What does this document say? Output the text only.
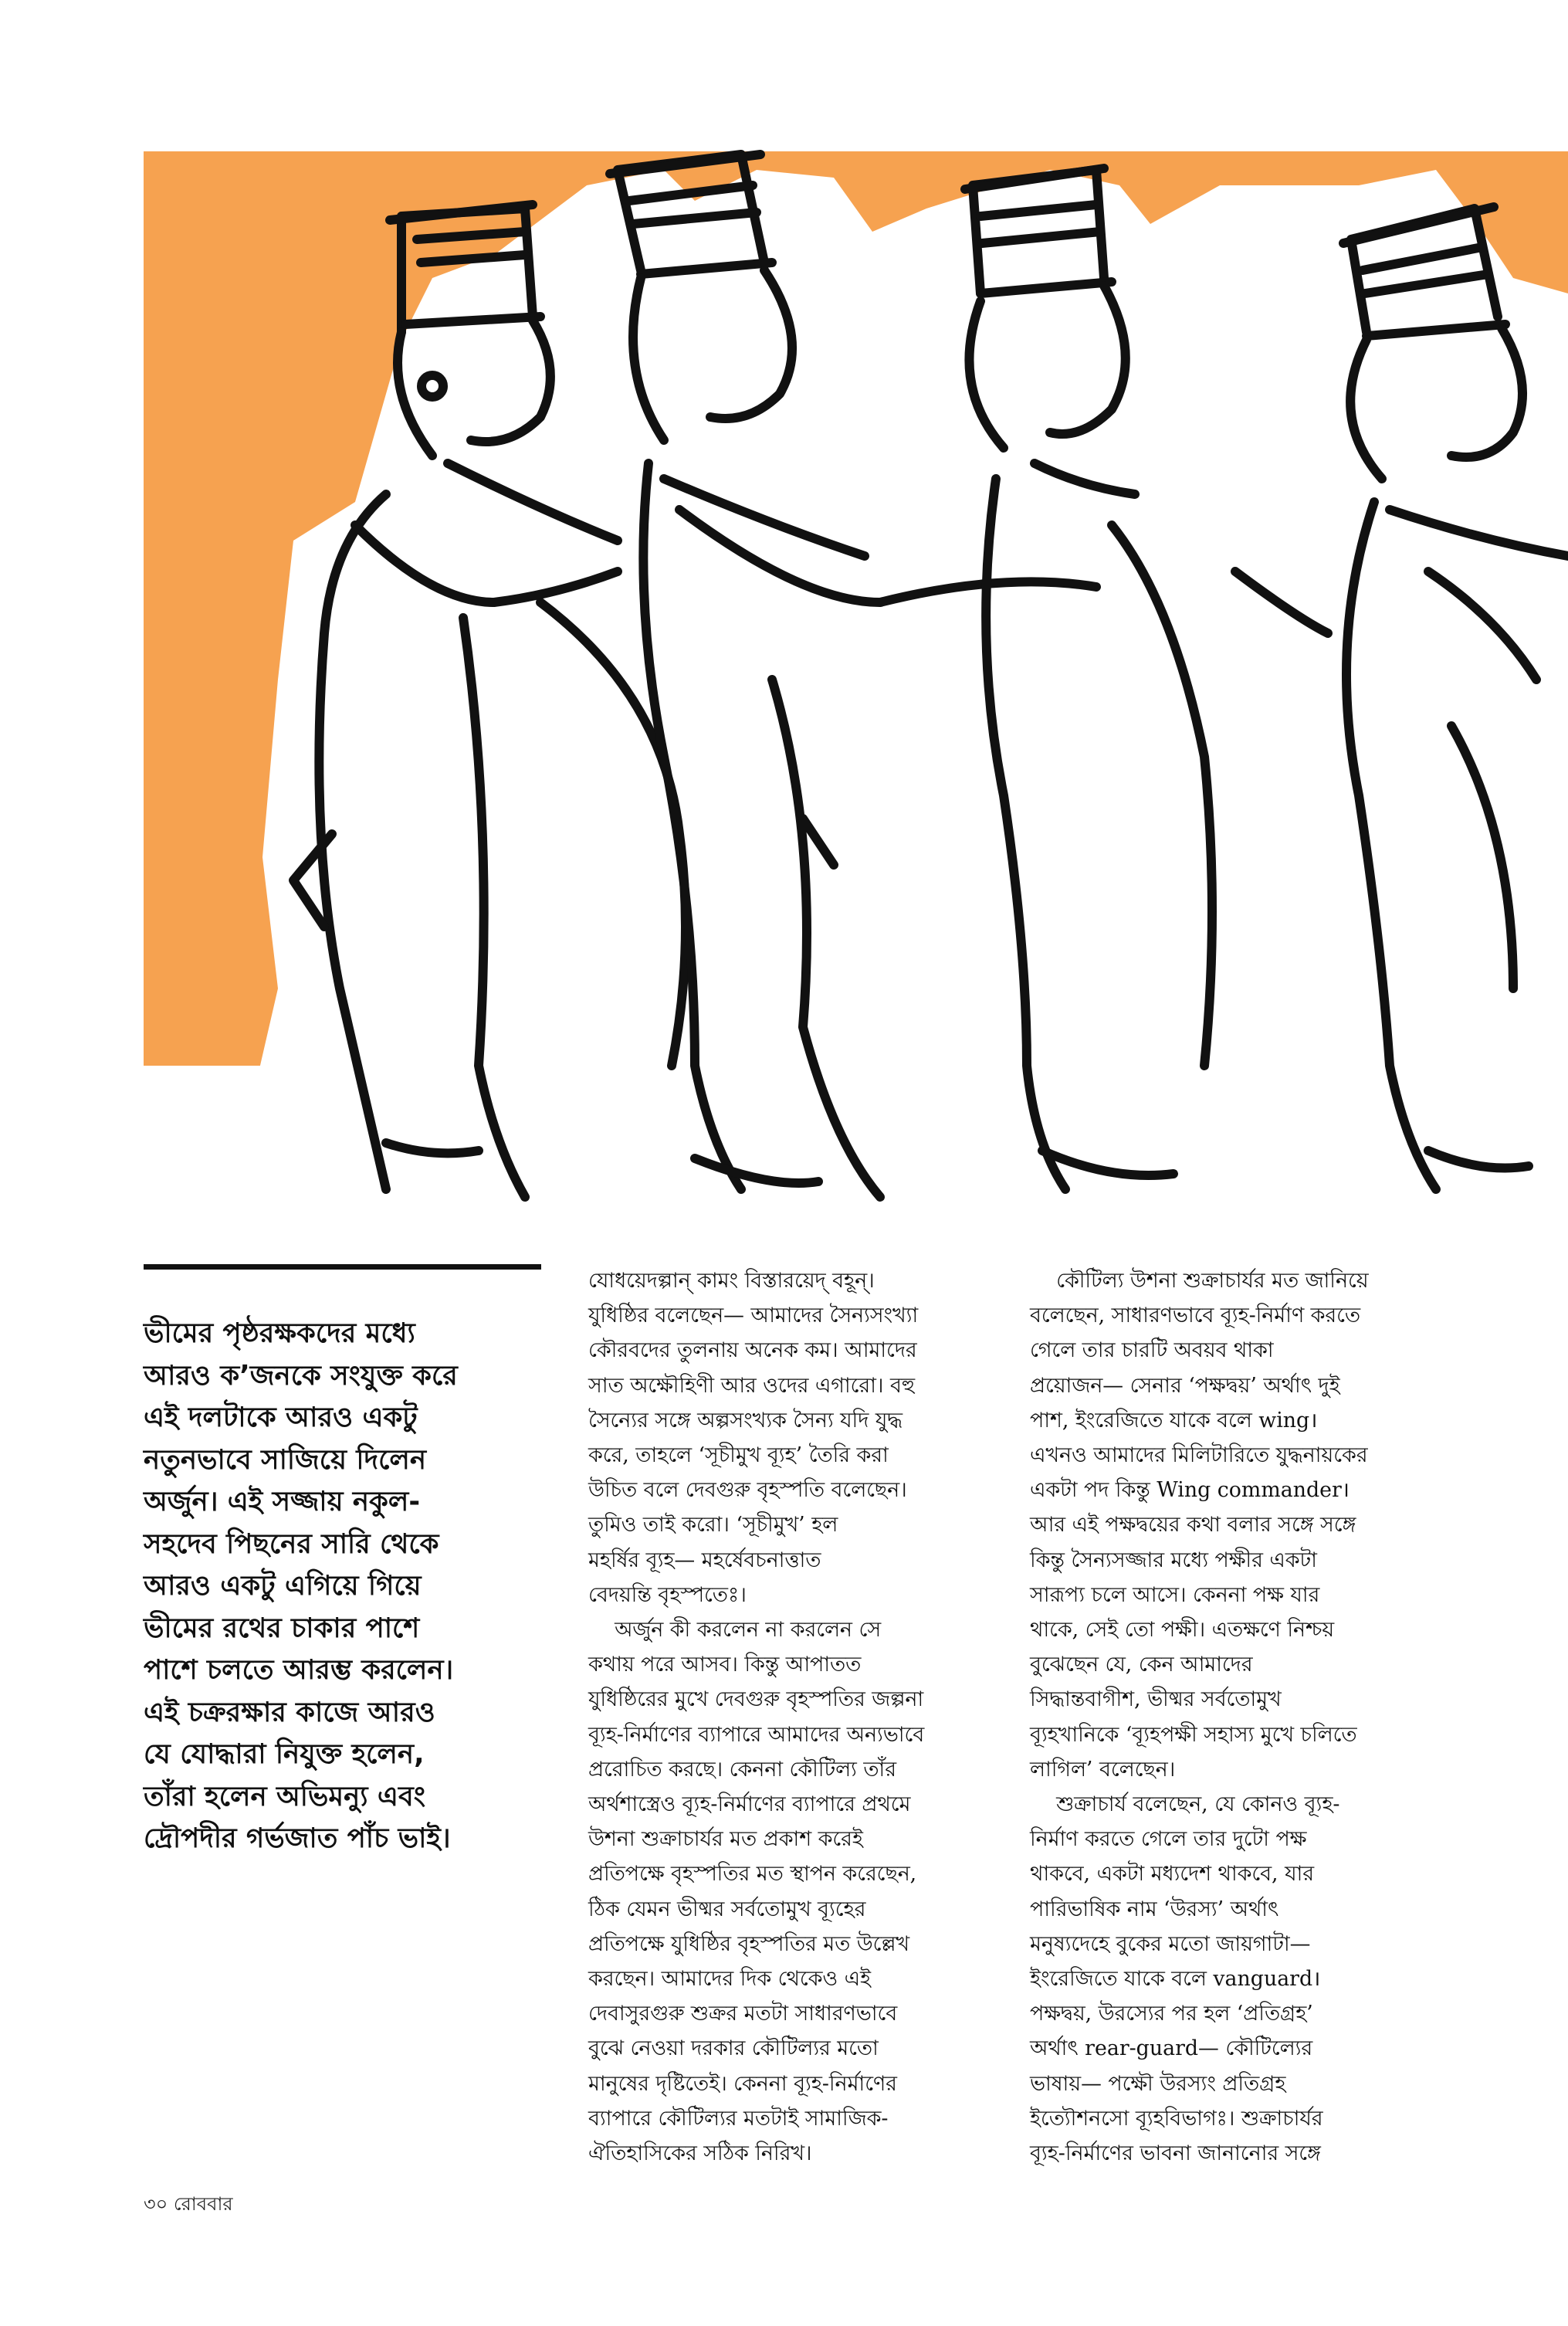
ভীমের পৃষ্ঠরক্ষকদের মধ্যে
আরও ক’জনকে সংযুক্ত করে
এই দলটাকে আরও একটু
নতুনভাবে সাজিয়ে দিলেন
অর্জুন। এই সজ্জায় নকুল-
সহদেব পিছনের সারি থেকে
আরও একটু এগিয়ে গিয়ে
ভীমের রথের চাকার পাশে
পাশে চলতে আরম্ভ করলেন।
এই চক্ররক্ষার কাজে আরও
যে যোদ্ধারা নিযুক্ত হলেন,
তাঁরা হলেন অভিমন্যু এবং
দ্রৌপদীর গর্ভজাত পাঁচ ভাই।
যোধয়েদল্পান্ কামং বিস্তারয়েদ্ বহূন্।
যুধিষ্ঠির বলেছেন— আমাদের সৈন্যসংখ্যা
কৌরবদের তুলনায় অনেক কম। আমাদের
সাত অক্ষৌহিণী আর ওদের এগারো। বহু
সৈন্যের সঙ্গে অল্পসংখ্যক সৈন্য যদি যুদ্ধ
করে, তাহলে ‘সূচীমুখ ব্যূহ’ তৈরি করা
উচিত বলে দেবগুরু বৃহস্পতি বলেছেন।
তুমিও তাই করো। ‘সূচীমুখ’ হল
মহর্ষির ব্যূহ— মহর্ষেবচনাত্তাত
বেদয়ন্তি বৃহস্পতেঃ।
অর্জুন কী করলেন না করলেন সে
কথায় পরে আসব। কিন্তু আপাতত
যুধিষ্ঠিরের মুখে দেবগুরু বৃহস্পতির জল্পনা
ব্যূহ-নির্মাণের ব্যাপারে আমাদের অন্যভাবে
প্ররোচিত করছে। কেননা কৌটিল্য তাঁর
অর্থশাস্ত্রেও ব্যূহ-নির্মাণের ব্যাপারে প্রথমে
উশনা শুক্রাচার্যর মত প্রকাশ করেই
প্রতিপক্ষে বৃহস্পতির মত স্থাপন করেছেন,
ঠিক যেমন ভীষ্মর সর্বতোমুখ ব্যূহের
প্রতিপক্ষে যুধিষ্ঠির বৃহস্পতির মত উল্লেখ
করছেন। আমাদের দিক থেকেও এই
দেবাসুরগুরু শুক্রর মতটা সাধারণভাবে
বুঝে নেওয়া দরকার কৌটিল্যর মতো
মানুষের দৃষ্টিতেই। কেননা ব্যূহ-নির্মাণের
ব্যাপারে কৌটিল্যর মতটাই সামাজিক-
ঐতিহাসিকের সঠিক নিরিখ।
কৌটিল্য উশনা শুক্রাচার্যর মত জানিয়ে
বলেছেন, সাধারণভাবে ব্যূহ-নির্মাণ করতে
গেলে তার চারটি অবয়ব থাকা
প্রয়োজন— সেনার ‘পক্ষদ্বয়’ অর্থাৎ দুই
পাশ, ইংরেজিতে যাকে বলে wing।
এখনও আমাদের মিলিটারিতে যুদ্ধনায়কের
একটা পদ কিন্তু Wing commander।
আর এই পক্ষদ্বয়ের কথা বলার সঙ্গে সঙ্গে
কিন্তু সৈন্যসজ্জার মধ্যে পক্ষীর একটা
সারূপ্য চলে আসে। কেননা পক্ষ যার
থাকে, সেই তো পক্ষী। এতক্ষণে নিশ্চয়
বুঝেছেন যে, কেন আমাদের
সিদ্ধান্তবাগীশ, ভীষ্মর সর্বতোমুখ
ব্যূহখানিকে ‘ব্যূহপক্ষী সহাস্য মুখে চলিতে
লাগিল’ বলেছেন।
শুক্রাচার্য বলেছেন, যে কোনও ব্যূহ-
নির্মাণ করতে গেলে তার দুটো পক্ষ
থাকবে, একটা মধ্যদেশ থাকবে, যার
পারিভাষিক নাম ‘উরস্য’ অর্থাৎ
মনুষ্যদেহে বুকের মতো জায়গাটা—
ইংরেজিতে যাকে বলে vanguard।
পক্ষদ্বয়, উরস্যের পর হল ‘প্রতিগ্রহ’
অর্থাৎ rear-guard— কৌটিল্যের
ভাষায়— পক্ষৌ উরস্যং প্রতিগ্রহ
ইত্যৌশনসো ব্যূহবিভাগঃ। শুক্রাচার্যর
ব্যূহ-নির্মাণের ভাবনা জানানোর সঙ্গে
৩০ রোববার
